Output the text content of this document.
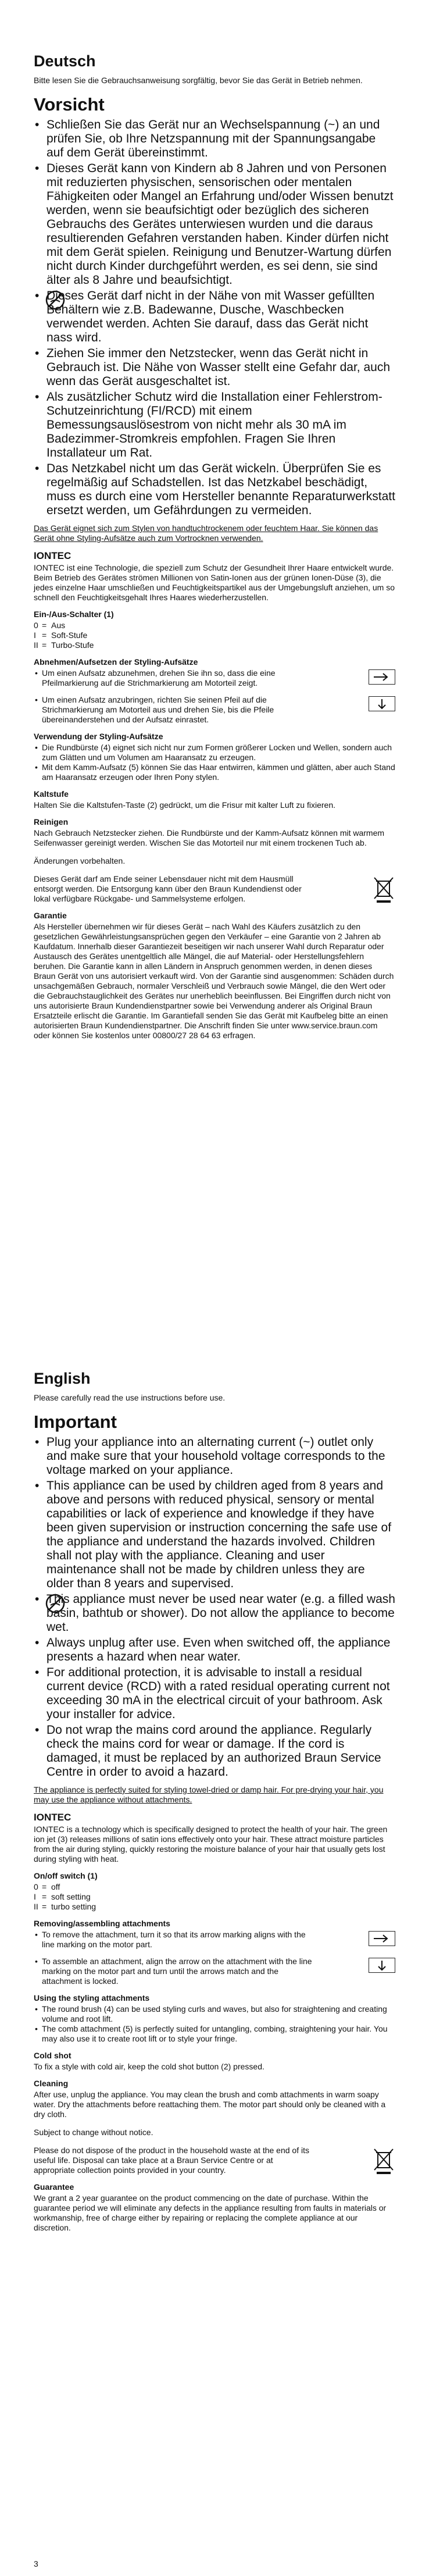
Deutsch

Bitte lesen Sie die Gebrauchsanweisung sorgfältig, bevor Sie das Gerät in Betrieb nehmen.

Vorsicht
• Schließen Sie das Gerät nur an Wechselspannung (~) an und prüfen Sie, ob Ihre Netzspannung mit der Spannungsangabe auf dem Gerät übereinstimmt.
• Dieses Gerät kann von Kindern ab 8 Jahren und von Personen mit reduzierten physischen, sensorischen oder mentalen Fähigkeiten oder Mangel an Erfahrung und/oder Wissen benutzt werden, wenn sie beaufsichtigt oder bezüglich des sicheren Gebrauchs des Gerätes unterwiesen wurden und die daraus resultierenden Gefahren verstanden haben. Kinder dürfen nicht mit dem Gerät spielen. Reinigung und Benutzer-Wartung dürfen nicht durch Kinder durchgeführt werden, es sei denn, sie sind älter als 8 Jahre und beaufsichtigt.
• Dieses Gerät darf nicht in der Nähe von mit Wasser gefüllten Behältern wie z.B. Badewanne, Dusche, Waschbecken verwendet werden. Achten Sie darauf, dass das Gerät nicht nass wird.
• Ziehen Sie immer den Netzstecker, wenn das Gerät nicht in Gebrauch ist. Die Nähe von Wasser stellt eine Gefahr dar, auch wenn das Gerät ausgeschaltet ist.
• Als zusätzlicher Schutz wird die Installation einer Fehlerstrom-Schutzeinrichtung (FI/RCD) mit einem Bemessungsauslösestrom von nicht mehr als 30 mA im Badezimmer-Stromkreis empfohlen. Fragen Sie Ihren Installateur um Rat.
• Das Netzkabel nicht um das Gerät wickeln. Überprüfen Sie es regelmäßig auf Schadstellen. Ist das Netzkabel beschädigt, muss es durch eine vom Hersteller benannte Reparaturwerkstatt ersetzt werden, um Gefährdungen zu vermeiden.

Das Gerät eignet sich zum Stylen von handtuchtrockenem oder feuchtem Haar. Sie können das Gerät ohne Styling-Aufsätze auch zum Vortrocknen verwenden.

IONTEC

IONTEC ist eine Technologie, die speziell zum Schutz der Gesundheit Ihrer Haare entwickelt wurde. Beim Betrieb des Gerätes strömen Millionen von Satin-Ionen aus der grünen Ionen-Düse (3), die jedes einzelne Haar umschließen und Feuchtigkeitspartikel aus der Umgebungsluft anziehen, um so schnell den Feuchtigkeitsgehalt Ihres Haares wiederherzustellen.

Ein-/Aus-Schalter (1)
0 = Aus
I = Soft-Stufe
II = Turbo-Stufe
Abnehmen/Aufsetzen der Styling-Aufsätze
• Um einen Aufsatz abzunehmen, drehen Sie ihn so, dass die eine Pfeilmarkierung auf die Strichmarkierung am Motorteil zeigt.
• Um einen Aufsatz anzubringen, richten Sie seinen Pfeil auf die Strichmarkierung am Motorteil aus und drehen Sie, bis die Pfeile übereinanderstehen und der Aufsatz einrastet.
Verwendung der Styling-Aufsätze
• Die Rundbürste (4) eignet sich nicht nur zum Formen größerer Locken und Wellen, sondern auch zum Glätten und um Volumen am Haaransatz zu erzeugen.
• Mit dem Kamm-Aufsatz (5) können Sie das Haar entwirren, kämmen und glätten, aber auch Stand am Haaransatz erzeugen oder Ihren Pony stylen.
Kaltstufe

Halten Sie die Kaltstufen-Taste (2) gedrückt, um die Frisur mit kalter Luft zu fixieren.

Reinigen

Nach Gebrauch Netzstecker ziehen. Die Rundbürste und der Kamm-Aufsatz können mit warmem Seifenwasser gereinigt werden. Wischen Sie das Motorteil nur mit einem trockenen Tuch ab.

Änderungen vorbehalten.

Dieses Gerät darf am Ende seiner Lebensdauer nicht mit dem Hausmüll entsorgt werden. Die Entsorgung kann über den Braun Kundendienst oder lokal verfügbare Rückgabe- und Sammelsysteme erfolgen.

Garantie

Als Hersteller übernehmen wir für dieses Gerät – nach Wahl des Käufers zusätzlich zu den gesetzlichen Gewährleistungsansprüchen gegen den Verkäufer – eine Garantie von 2 Jahren ab Kaufdatum. Innerhalb dieser Garantiezeit beseitigen wir nach unserer Wahl durch Reparatur oder Austausch des Gerätes unentgeltlich alle Mängel, die auf Material- oder Herstellungsfehlern beruhen. Die Garantie kann in allen Ländern in Anspruch genommen werden, in denen dieses Braun Gerät von uns autorisiert verkauft wird. Von der Garantie sind ausgenommen: Schäden durch unsachgemäßen Gebrauch, normaler Verschleiß und Verbrauch sowie Mängel, die den Wert oder die Gebrauchstauglichkeit des Gerätes nur unerheblich beeinflussen. Bei Eingriffen durch nicht von uns autorisierte Braun Kundendienstpartner sowie bei Verwendung anderer als Original Braun Ersatzteile erlischt die Garantie. Im Garantiefall senden Sie das Gerät mit Kaufbeleg bitte an einen autorisierten Braun Kundendienstpartner. Die Anschrift finden Sie unter www.service.braun.com oder können Sie kostenlos unter 00800/27 28 64 63 erfragen.

English

Please carefully read the use instructions before use.

Important
• Plug your appliance into an alternating current (~) outlet only and make sure that your household voltage corresponds to the voltage marked on your appliance.
• This appliance can be used by children aged from 8 years and above and persons with reduced physical, sensory or mental capabilities or lack of experience and knowledge if they have been given supervision or instruction concerning the safe use of the appliance and understand the hazards involved. Children shall not play with the appliance. Cleaning and user maintenance shall not be made by children unless they are older than 8 years and supervised.
• This appliance must never be used near water (e.g. a filled wash basin, bathtub or shower). Do not allow the appliance to become wet.
• Always unplug after use. Even when switched off, the appliance presents a hazard when near water.
• For additional protection, it is advisable to install a residual current device (RCD) with a rated residual operating current not exceeding 30 mA in the electrical circuit of your bathroom. Ask your installer for advice.
• Do not wrap the mains cord around the appliance. Regularly check the mains cord for wear or damage. If the cord is damaged, it must be replaced by an authorized Braun Service Centre in order to avoid a hazard.

The appliance is perfectly suited for styling towel-dried or damp hair. For pre-drying your hair, you may use the appliance without attachments.

IONTEC

IONTEC is a technology which is specifically designed to protect the health of your hair. The green ion jet (3) releases millions of satin ions effectively onto your hair. These attract moisture particles from the air during styling, quickly restoring the moisture balance of your hair that usually gets lost during styling with heat.

On/off switch (1)
0 = off
I = soft setting
II = turbo setting
Removing/assembling attachments
• To remove the attachment, turn it so that its arrow marking aligns with the line marking on the motor part.
• To assemble an attachment, align the arrow on the attachment with the line marking on the motor part and turn until the arrows match and the attachment is locked.
Using the styling attachments
• The round brush (4) can be used styling curls and waves, but also for straightening and creating volume and root lift.
• The comb attachment (5) is perfectly suited for untangling, combing, straightening your hair. You may also use it to create root lift or to style your fringe.
Cold shot

To fix a style with cold air, keep the cold shot button (2) pressed.

Cleaning

After use, unplug the appliance. You may clean the brush and comb attachments in warm soapy water. Dry the attachments before reattaching them. The motor part should only be cleaned with a dry cloth.

Subject to change without notice.

Please do not dispose of the product in the household waste at the end of its useful life. Disposal can take place at a Braun Service Centre or at appropriate collection points provided in your country.

Guarantee

We grant a 2 year guarantee on the product commencing on the date of purchase. Within the guarantee period we will eliminate any defects in the appliance resulting from faults in materials or workmanship, free of charge either by repairing or replacing the complete appliance at our discretion.

3
